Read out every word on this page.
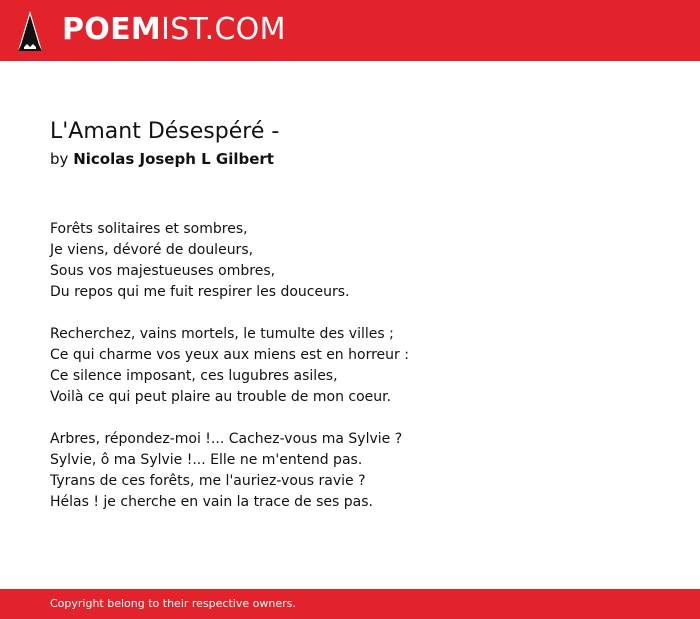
POEMIST.COM
L'Amant Désespéré -
by Nicolas Joseph L Gilbert
Forêts solitaires et sombres,
Je viens, dévoré de douleurs,
Sous vos majestueuses ombres,
Du repos qui me fuit respirer les douceurs.
Recherchez, vains mortels, le tumulte des villes ;
Ce qui charme vos yeux aux miens est en horreur :
Ce silence imposant, ces lugubres asiles,
Voilà ce qui peut plaire au trouble de mon coeur.
Arbres, répondez-moi !... Cachez-vous ma Sylvie ?
Sylvie, ô ma Sylvie !... Elle ne m'entend pas.
Tyrans de ces forêts, me l'auriez-vous ravie ?
Hélas ! je cherche en vain la trace de ses pas.
Copyright belong to their respective owners.
